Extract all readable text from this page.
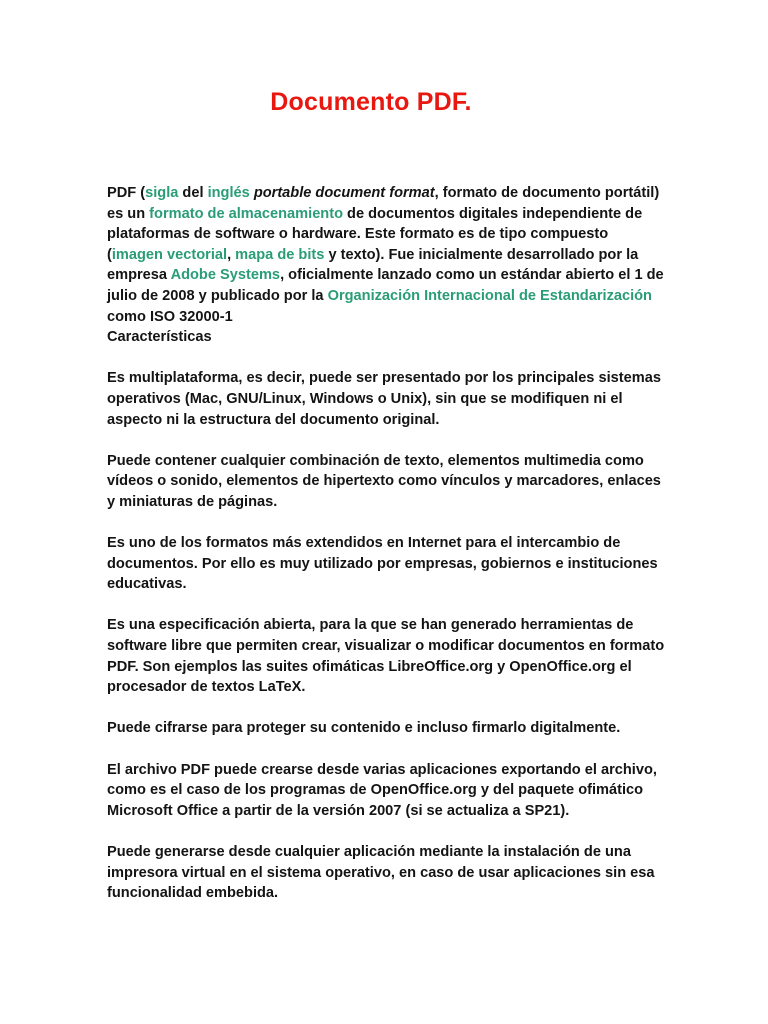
Documento PDF.

PDF (sigla del inglés portable document format, formato de documento portátil) es un formato de almacenamiento de documentos digitales independiente de plataformas de software o hardware. Este formato es de tipo compuesto (imagen vectorial, mapa de bits y texto). Fue inicialmente desarrollado por la empresa Adobe Systems, oficialmente lanzado como un estándar abierto el 1 de julio de 2008 y publicado por la Organización Internacional de Estandarización como ISO 32000-1

Características

Es multiplataforma, es decir, puede ser presentado por los principales sistemas operativos (Mac, GNU/Linux, Windows o Unix), sin que se modifiquen ni el aspecto ni la estructura del documento original.

Puede contener cualquier combinación de texto, elementos multimedia como vídeos o sonido, elementos de hipertexto como vínculos y marcadores, enlaces y miniaturas de páginas.

Es uno de los formatos más extendidos en Internet para el intercambio de documentos. Por ello es muy utilizado por empresas, gobiernos e instituciones educativas.

Es una especificación abierta, para la que se han generado herramientas de software libre que permiten crear, visualizar o modificar documentos en formato PDF. Son ejemplos las suites ofimáticas LibreOffice.org y OpenOffice.org el procesador de textos LaTeX.

Puede cifrarse para proteger su contenido e incluso firmarlo digitalmente.

El archivo PDF puede crearse desde varias aplicaciones exportando el archivo, como es el caso de los programas de OpenOffice.org y del paquete ofimático Microsoft Office a partir de la versión 2007 (si se actualiza a SP21).

Puede generarse desde cualquier aplicación mediante la instalación de una impresora virtual en el sistema operativo, en caso de usar aplicaciones sin esa funcionalidad embebida.
